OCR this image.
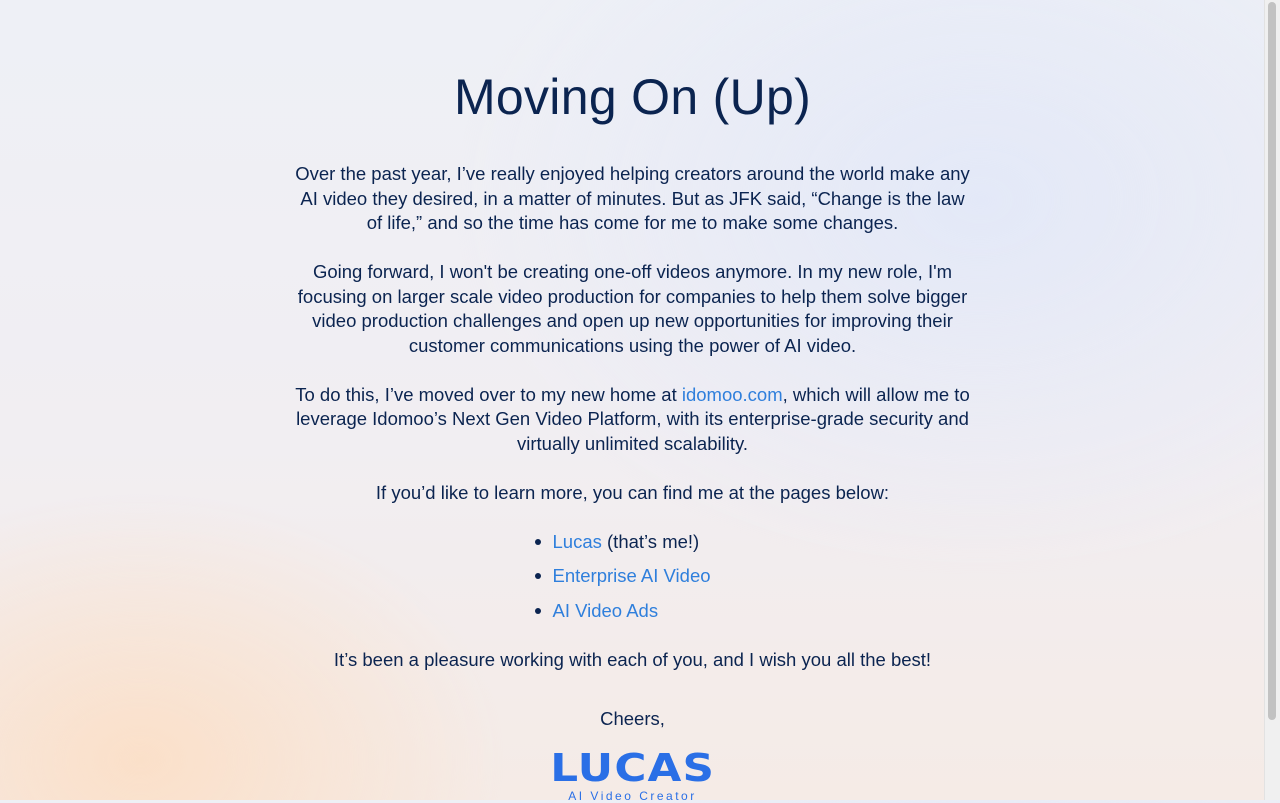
Moving On (Up)

Over the past year, I’ve really enjoyed helping creators around the world make any AI video they desired, in a matter of minutes. But as JFK said, “Change is the law of life,” and so the time has come for me to make some changes.

Going forward, I won't be creating one-off videos anymore. In my new role, I'm focusing on larger scale video production for companies to help them solve bigger video production challenges and open up new opportunities for improving their customer communications using the power of AI video.

To do this, I’ve moved over to my new home at idomoo.com, which will allow me to leverage Idomoo’s Next Gen Video Platform, with its enterprise-grade security and virtually unlimited scalability.

If you’d like to learn more, you can find me at the pages below:

Lucas (that’s me!)
Enterprise AI Video
AI Video Ads

It’s been a pleasure working with each of you, and I wish you all the best!

Cheers,

LUCAS
AI Video Creator
